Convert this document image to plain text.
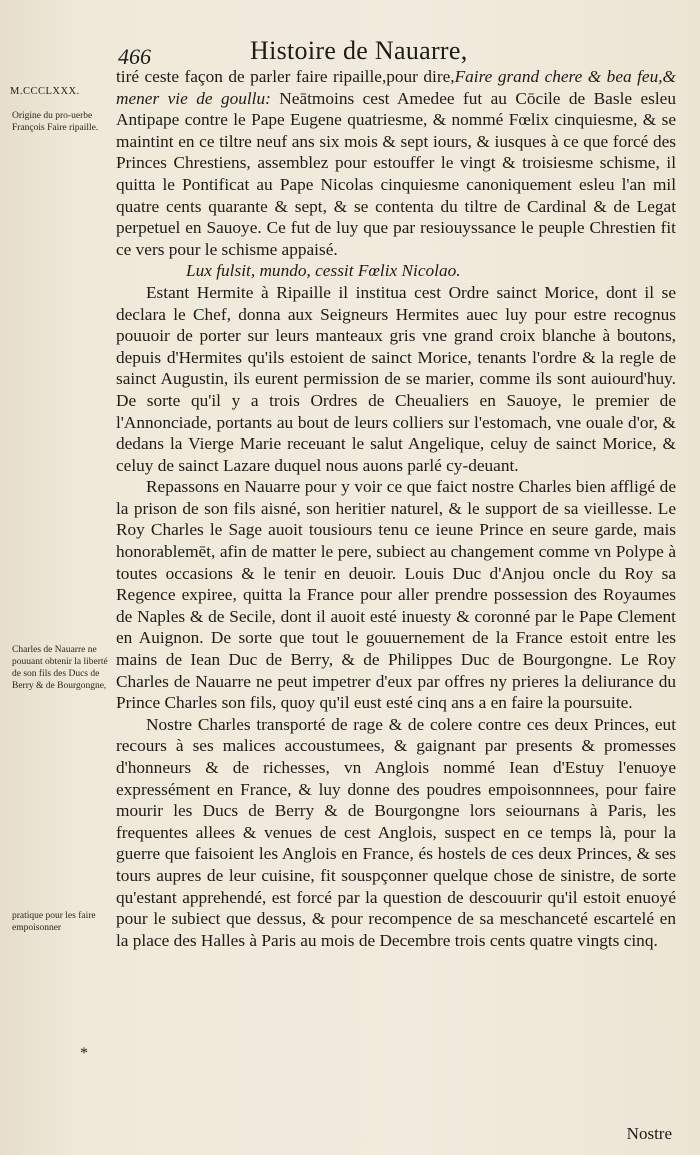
466	Histoire de Nauarre,
M.CCCLXXX.
Origine du pro-uerbe François Faire ripaille.
Charles de Nauarre ne pouuant obtenir la liberté de son fils des Ducs de Berry & de Bourgongne,
pratique pour les faire empoisonner
*

tiré ceste façon de parler faire ripaille,pour dire,Faire grand chere & bea feu,& mener vie de goullu: Neātmoins cest Amedee fut au Cōcile de Basle esleu Antipape contre le Pape Eugene quatriesme, & nommé Fœlix cinquiesme, & se maintint en ce tiltre neuf ans six mois & sept iours, & iusques à ce que forcé des Princes Chrestiens, assemblez pour estouffer le vingt & troisiesme schisme, il quitta le Pontificat au Pape Nicolas cinquiesme canoniquement esleu l'an mil quatre cents quarante & sept, & se contenta du tiltre de Cardinal & de Legat perpetuel en Sauoye. Ce fut de luy que par resiouyssance le peuple Chrestien fit ce vers pour le schisme appaisé.

Lux fulsit, mundo, cessit Fœlix Nicolao.

Estant Hermite à Ripaille il institua cest Ordre sainct Morice, dont il se declara le Chef, donna aux Seigneurs Hermites auec luy pour estre recognus pouuoir de porter sur leurs manteaux gris vne grand croix blanche à boutons, depuis d'Hermites qu'ils estoient de sainct Morice, tenants l'ordre & la regle de sainct Augustin, ils eurent permission de se marier, comme ils sont auiourd'huy. De sorte qu'il y a trois Ordres de Cheualiers en Sauoye, le premier de l'Annonciade, portants au bout de leurs colliers sur l'estomach, vne ouale d'or, & dedans la Vierge Marie receuant le salut Angelique, celuy de sainct Morice, & celuy de sainct Lazare duquel nous auons parlé cy-deuant.

Repassons en Nauarre pour y voir ce que faict nostre Charles bien affligé de la prison de son fils aisné, son heritier naturel, & le support de sa vieillesse. Le Roy Charles le Sage auoit tousiours tenu ce ieune Prince en seure garde, mais honorablemēt, afin de matter le pere, subiect au changement comme vn Polype à toutes occasions & le tenir en deuoir. Louis Duc d'Anjou oncle du Roy sa Regence expiree, quitta la France pour aller prendre possession des Royaumes de Naples & de Secile, dont il auoit esté inuesty & coronné par le Pape Clement en Auignon. De sorte que tout le gouuernement de la France estoit entre les mains de Iean Duc de Berry, & de Philippes Duc de Bourgongne. Le Roy Charles de Nauarre ne peut impetrer d'eux par offres ny prieres la deliurance du Prince Charles son fils, quoy qu'il eust esté cinq ans a en faire la poursuite.

Nostre Charles transporté de rage & de colere contre ces deux Princes, eut recours à ses malices accoustumees, & gaignant par presents & promesses d'honneurs & de richesses, vn Anglois nommé Iean d'Estuy l'enuoye expressément en France, & luy donne des poudres empoisonnnees, pour faire mourir les Ducs de Berry & de Bourgongne lors seiournans à Paris, les frequentes allees & venues de cest Anglois, suspect en ce temps là, pour la guerre que faisoient les Anglois en France, és hostels de ces deux Princes, & ses tours aupres de leur cuisine, fit souspçonner quelque chose de sinistre, de sorte qu'estant apprehendé, est forcé par la question de descouurir qu'il estoit enuoyé pour le subiect que dessus, & pour recompence de sa meschanceté escartelé en la place des Halles à Paris au mois de Decembre trois cents quatre vingts cinq.

Nostre
